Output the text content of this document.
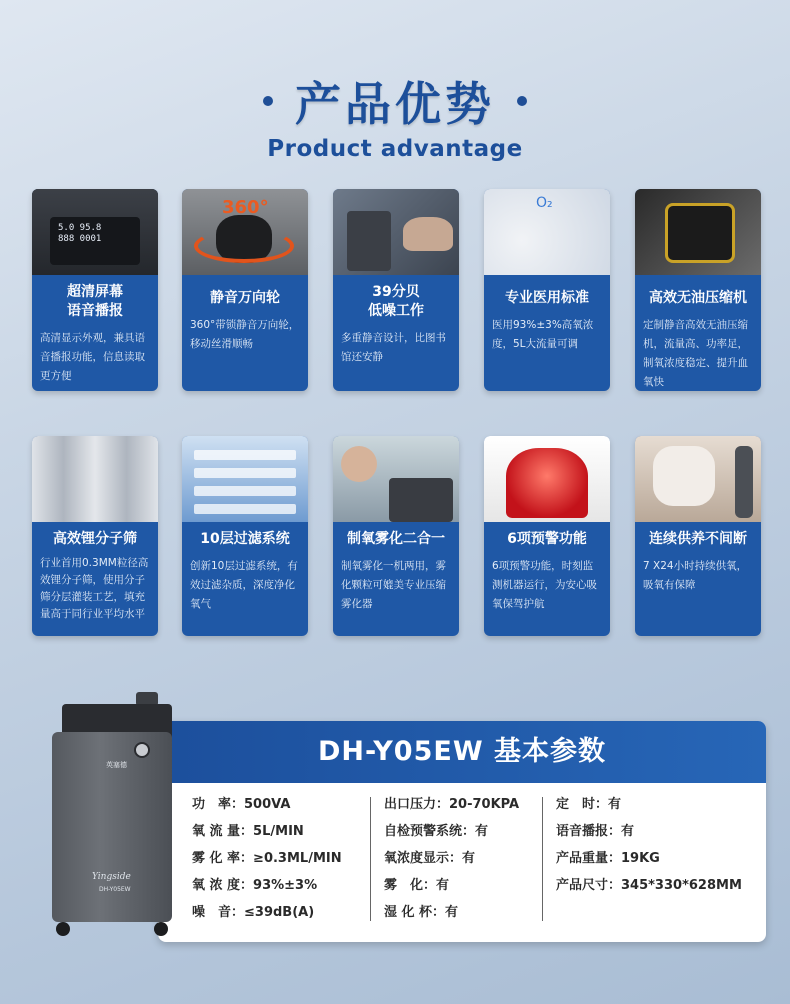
产品优势
Product advantage
5.0 95.8
888 0001
超清屏幕
语音播报
高清显示外观，兼具语音播报功能，信息读取更方便
360°
静音万向轮
360°带锁静音万向轮，移动丝滑顺畅
39分贝
低噪工作
多重静音设计，比图书馆还安静
O₂
专业医用标准
医用93%±3%高氧浓度，5L大流量可调
高效无油压缩机
定制静音高效无油压缩机，流量高、功率足，制氧浓度稳定、提升血氧快
高效锂分子筛
行业首用0.3MM粒径高效锂分子筛，使用分子筛分层灌装工艺，填充量高于同行业平均水平
10层过滤系统
创新10层过滤系统，有效过滤杂质，深度净化氧气
制氧雾化二合一
制氧雾化一机两用，雾化颗粒可媲美专业压缩雾化器
6项预警功能
6项预警功能，时刻监测机器运行，为安心吸氧保驾护航
连续供养不间断
7 X24小时持续供氧，吸氧有保障
DH-Y05EW 基本参数
功　率：500VA
氧 流 量：5L/MIN
雾 化 率：≥0.3ML/MIN
氧 浓 度：93%±3%
噪　音：≤39dB(A)
出口压力：20-70KPA
自检预警系统：有
氧浓度显示：有
雾　化：有
湿 化 杯：有
定　时：有
语音播报：有
产品重量：19KG
产品尺寸：345*330*628MM
英塞德
Yingside
DH-Y05EW
